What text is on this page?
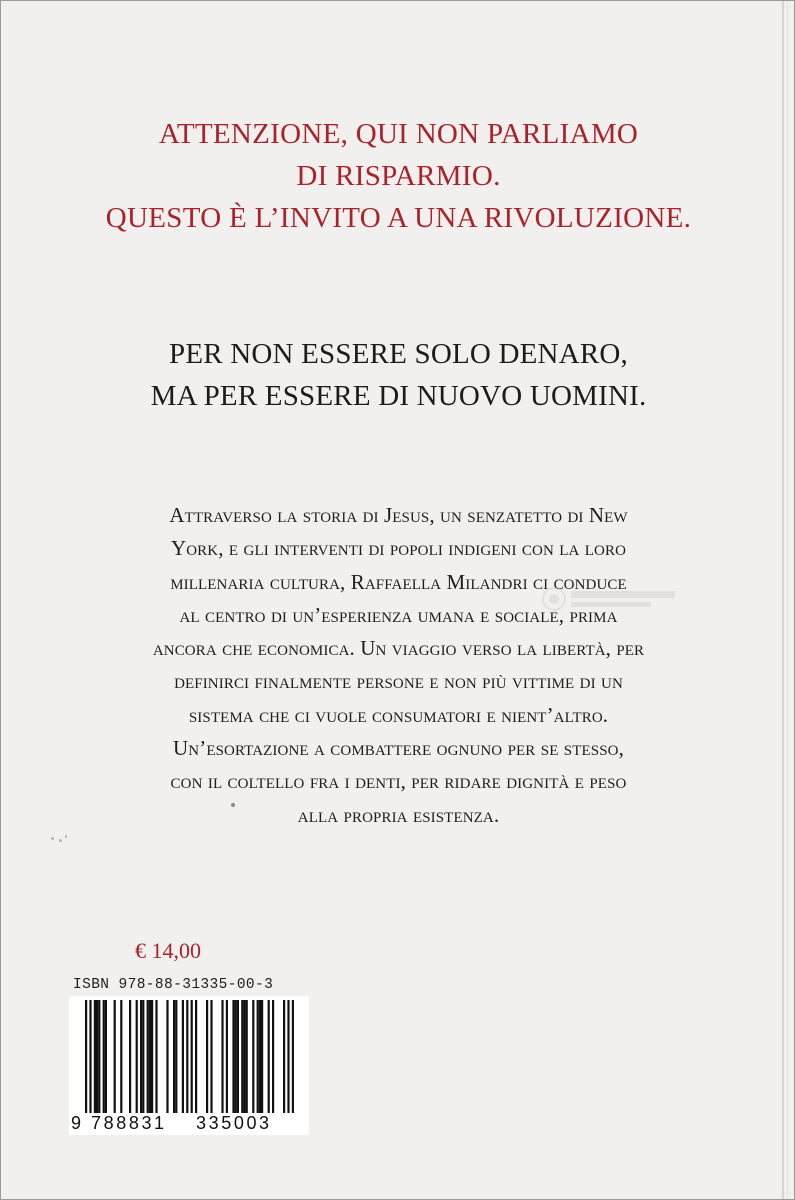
ATTENZIONE, QUI NON PARLIAMO
DI RISPARMIO.
QUESTO È L’INVITO A UNA RIVOLUZIONE.
PER NON ESSERE SOLO DENARO,
MA PER ESSERE DI NUOVO UOMINI.
Attraverso la storia di Jesus, un senzatetto di New
York, e gli interventi di popoli indigeni con la loro
millenaria cultura, Raffaella Milandri ci conduce
al centro di un’esperienza umana e sociale, prima
ancora che economica. Un viaggio verso la libertà, per
definirci finalmente persone e non più vittime di un
sistema che ci vuole consumatori e nient’altro.
Un’esortazione a combattere ognuno per se stesso,
con il coltello fra i denti, per ridare dignità e peso
alla propria esistenza.
€ 14,00
ISBN 978-88-31335-00-3
9 788831 335003
